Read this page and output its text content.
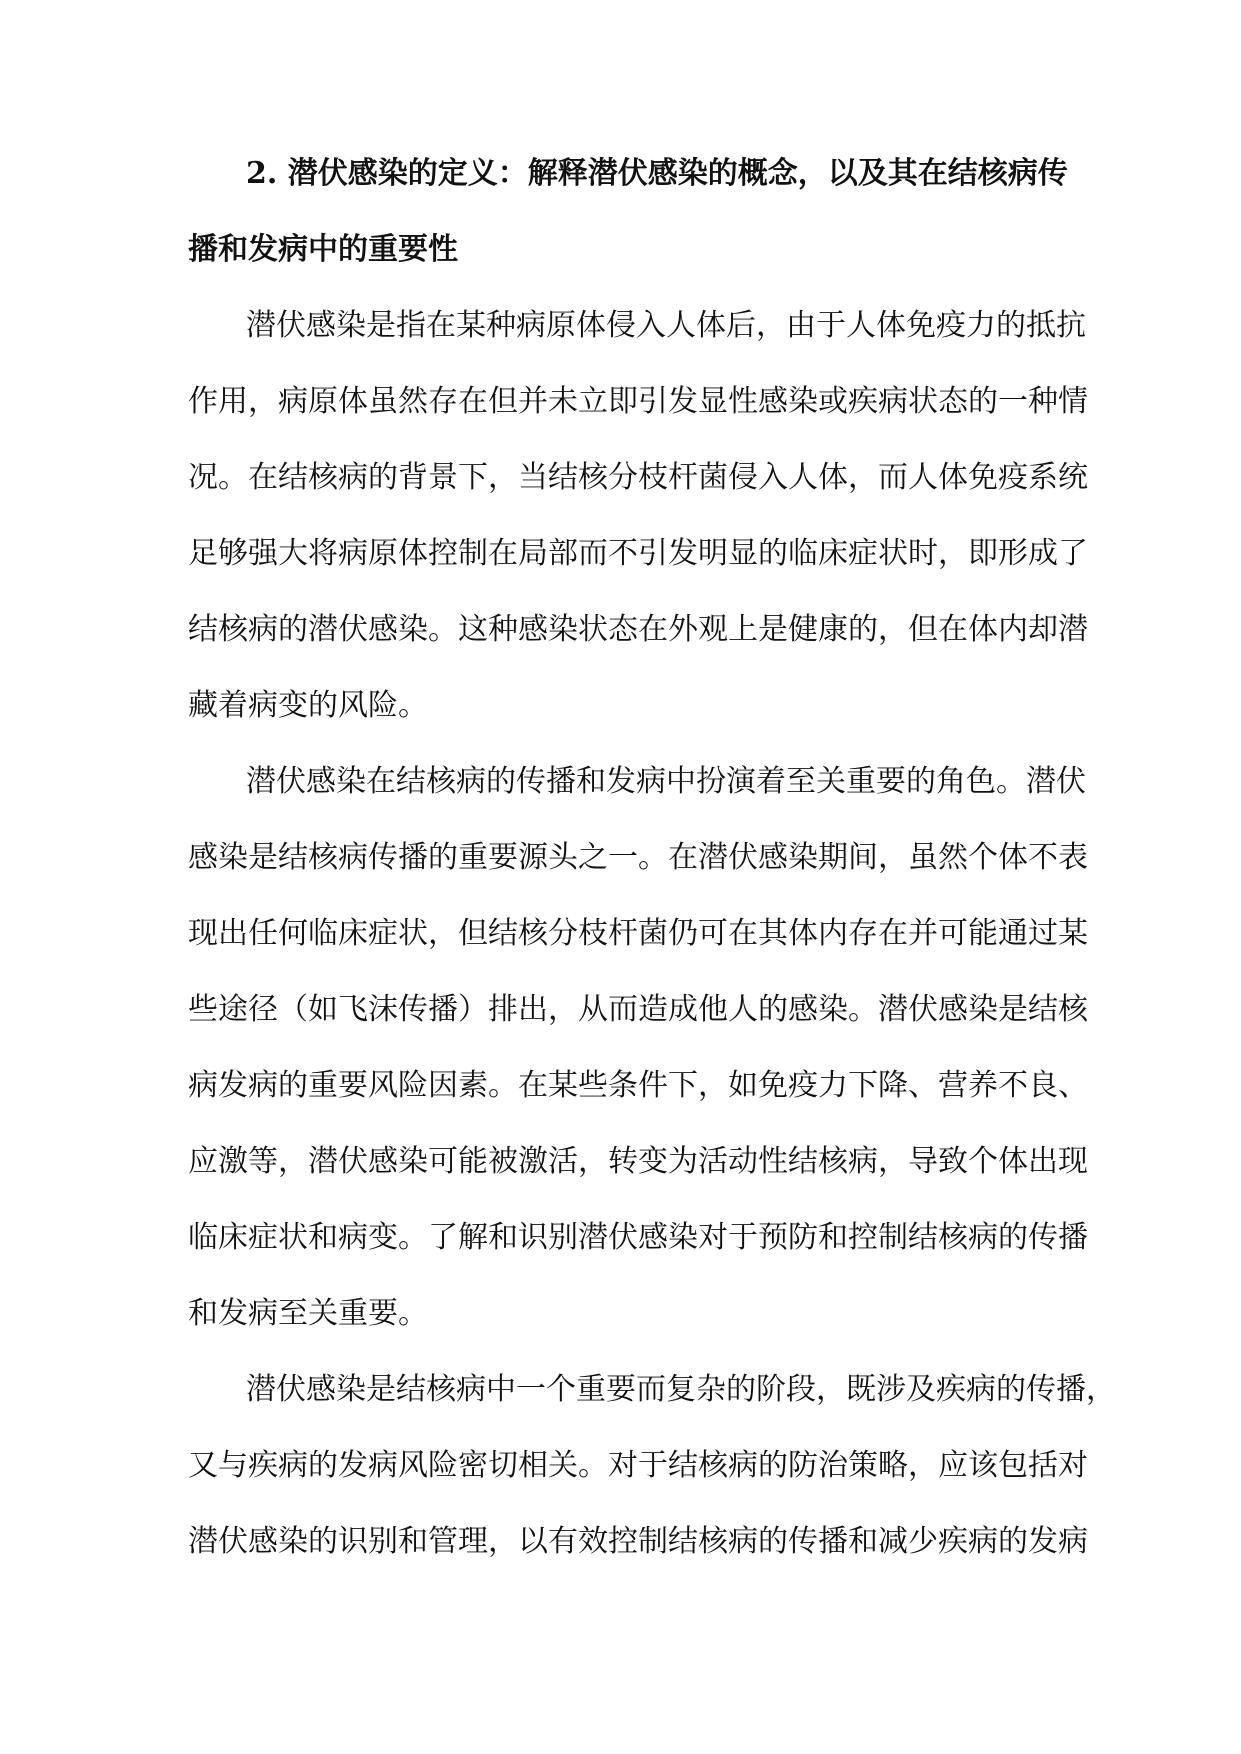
2. 潜伏感染的定义：解释潜伏感染的概念，以及其在结核病传
播和发病中的重要性
潜伏感染是指在某种病原体侵入人体后，由于人体免疫力的抵抗
作用，病原体虽然存在但并未立即引发显性感染或疾病状态的一种情
况。在结核病的背景下，当结核分枝杆菌侵入人体，而人体免疫系统
足够强大将病原体控制在局部而不引发明显的临床症状时，即形成了
结核病的潜伏感染。这种感染状态在外观上是健康的，但在体内却潜
藏着病变的风险。
潜伏感染在结核病的传播和发病中扮演着至关重要的角色。潜伏
感染是结核病传播的重要源头之一。在潜伏感染期间，虽然个体不表
现出任何临床症状，但结核分枝杆菌仍可在其体内存在并可能通过某
些途径（如飞沫传播）排出，从而造成他人的感染。潜伏感染是结核
病发病的重要风险因素。在某些条件下，如免疫力下降、营养不良、
应激等，潜伏感染可能被激活，转变为活动性结核病，导致个体出现
临床症状和病变。了解和识别潜伏感染对于预防和控制结核病的传播
和发病至关重要。
潜伏感染是结核病中一个重要而复杂的阶段，既涉及疾病的传播，
又与疾病的发病风险密切相关。对于结核病的防治策略，应该包括对
潜伏感染的识别和管理，以有效控制结核病的传播和减少疾病的发病
